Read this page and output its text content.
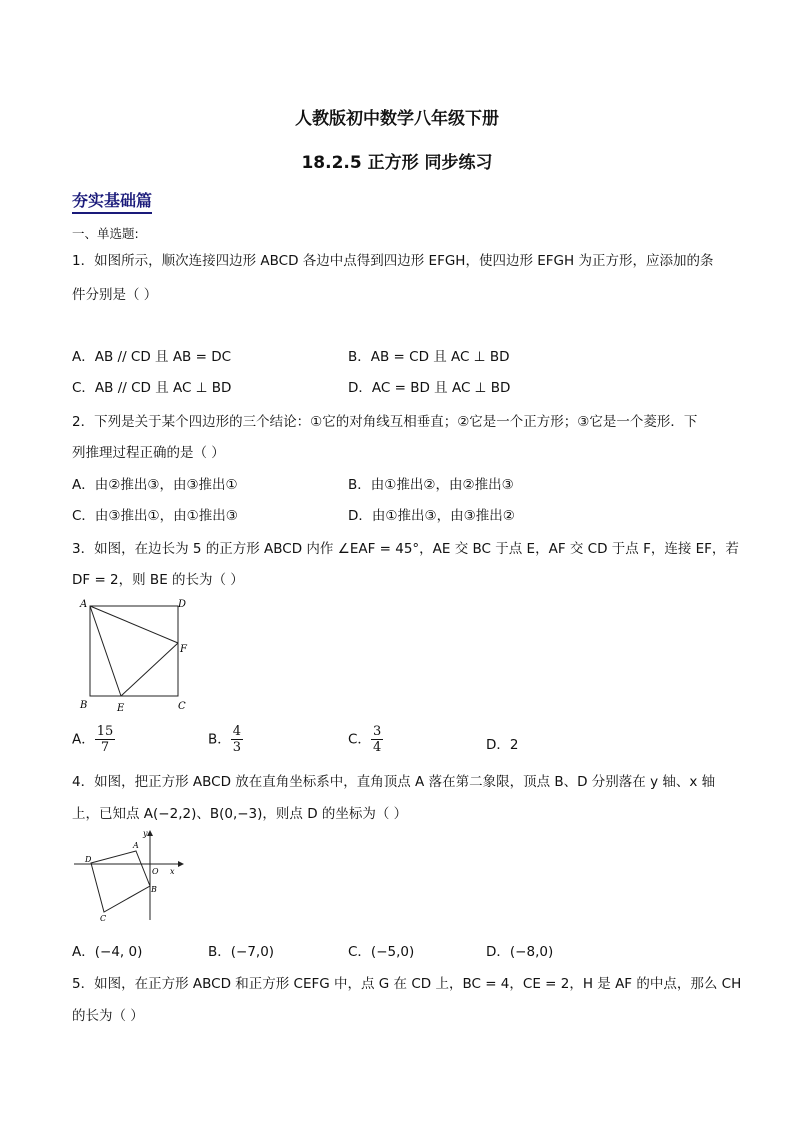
人教版初中数学八年级下册
18.2.5 正方形 同步练习
夯实基础篇
一、单选题:
1．如图所示，顺次连接四边形 ABCD 各边中点得到四边形 EFGH，使四边形 EFGH 为正方形，应添加的条
件分别是（ ）
A．AB // CD 且 AB = DC	B．AB = CD 且 AC ⊥ BD
C．AB // CD 且 AC ⊥ BD	D．AC = BD 且 AC ⊥ BD
2．下列是关于某个四边形的三个结论：①它的对角线互相垂直；②它是一个正方形；③它是一个菱形．下
列推理过程正确的是（ ）
A．由②推出③，由③推出①	B．由①推出②，由②推出③
C．由③推出①，由①推出③	D．由①推出③，由③推出②
3．如图，在边长为 5 的正方形 ABCD 内作 ∠EAF = 45°，AE 交 BC 于点 E，AF 交 CD 于点 F，连接 EF，若
DF = 2，则 BE 的长为（ ）
A	D
F
B	E	C
A． $\frac{15}{7}$	B． $\frac{4}{3}$	C． $\frac{3}{4}$	D．2
4．如图，把正方形 ABCD 放在直角坐标系中，直角顶点 A 落在第二象限，顶点 B、D 分别落在 y 轴、x 轴
上，已知点 A(−2,2)、B(0,−3)，则点 D 的坐标为（ ）
A
D
O x
y
B
C
A．(−4, 0)	B．(−7,0)	C．(−5,0)	D．(−8,0)
5．如图，在正方形 ABCD 和正方形 CEFG 中，点 G 在 CD 上，BC = 4，CE = 2，H 是 AF 的中点，那么 CH
的长为（ ）
